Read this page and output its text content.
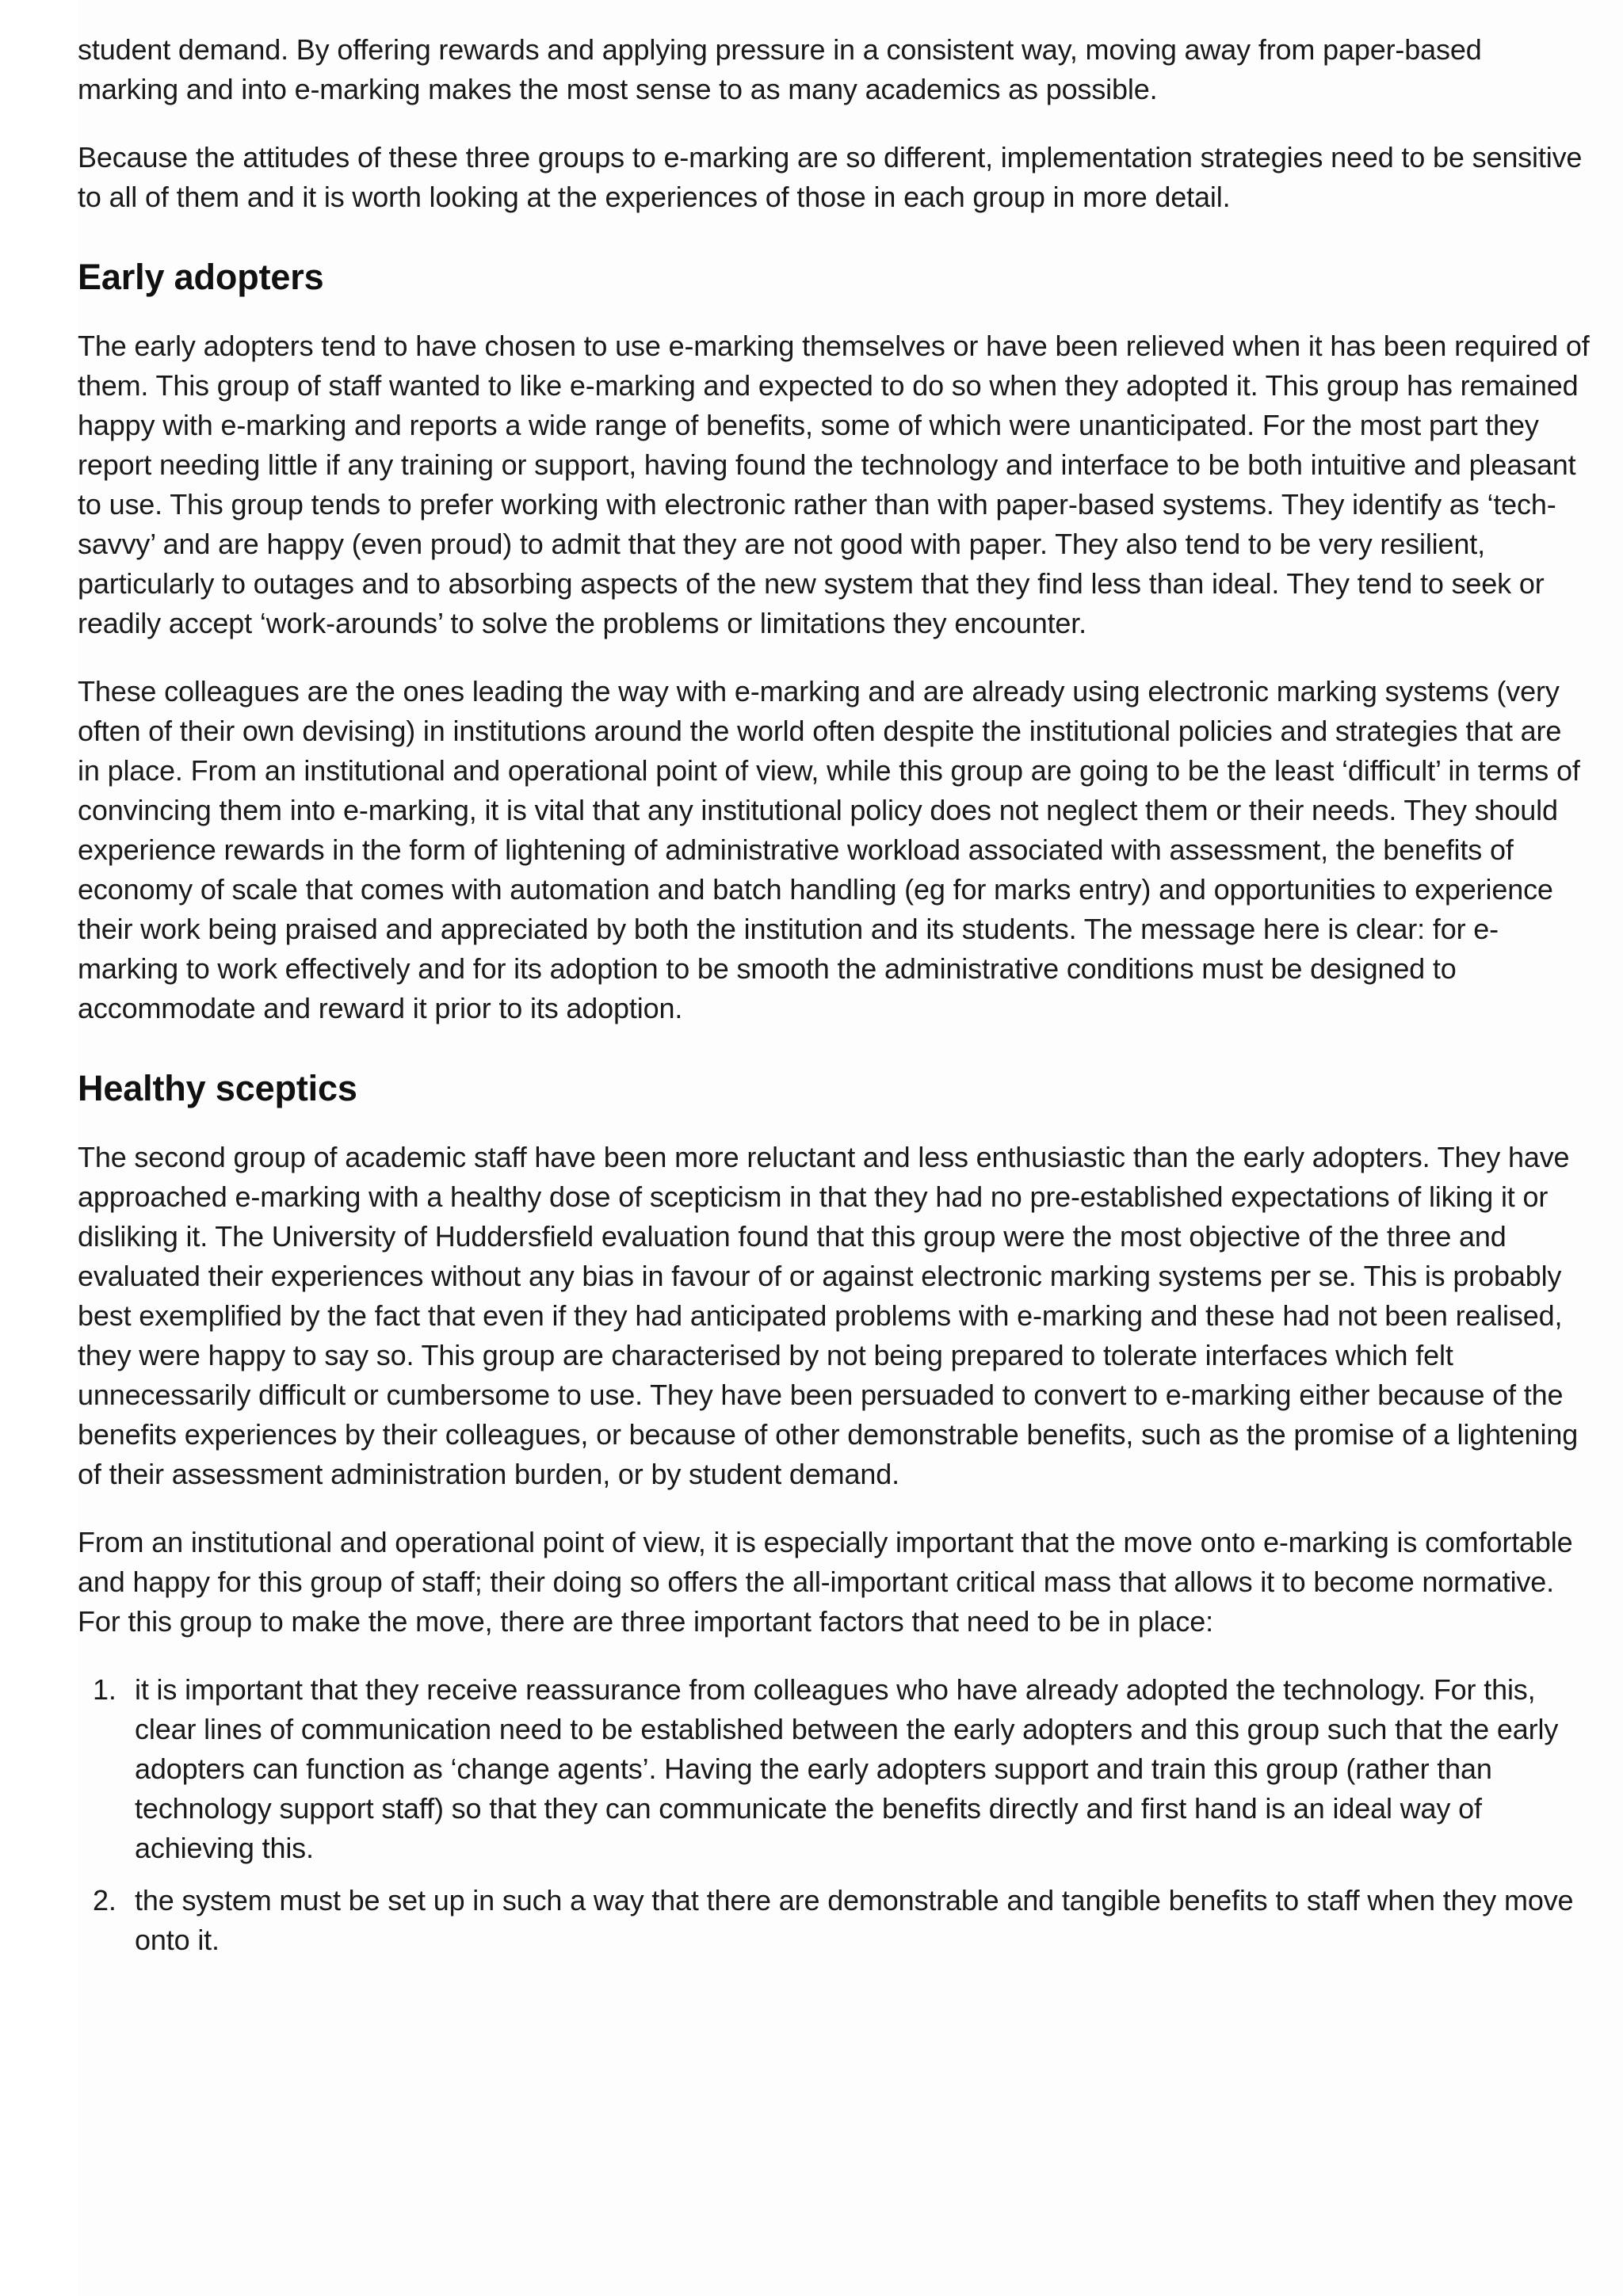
student demand. By offering rewards and applying pressure in a consistent way, moving away from paper-based marking and into e-marking makes the most sense to as many academics as possible.

Because the attitudes of these three groups to e-marking are so different, implementation strategies need to be sensitive to all of them and it is worth looking at the experiences of those in each group in more detail.

Early adopters

The early adopters tend to have chosen to use e-marking themselves or have been relieved when it has been required of them. This group of staff wanted to like e-marking and expected to do so when they adopted it. This group has remained happy with e-marking and reports a wide range of benefits, some of which were unanticipated. For the most part they report needing little if any training or support, having found the technology and interface to be both intuitive and pleasant to use. This group tends to prefer working with electronic rather than with paper-based systems. They identify as ‘tech-savvy’ and are happy (even proud) to admit that they are not good with paper. They also tend to be very resilient, particularly to outages and to absorbing aspects of the new system that they find less than ideal. They tend to seek or readily accept ‘work-arounds’ to solve the problems or limitations they encounter.

These colleagues are the ones leading the way with e-marking and are already using electronic marking systems (very often of their own devising) in institutions around the world often despite the institutional policies and strategies that are in place. From an institutional and operational point of view, while this group are going to be the least ‘difficult’ in terms of convincing them into e-marking, it is vital that any institutional policy does not neglect them or their needs. They should experience rewards in the form of lightening of administrative workload associated with assessment, the benefits of economy of scale that comes with automation and batch handling (eg for marks entry) and opportunities to experience their work being praised and appreciated by both the institution and its students. The message here is clear: for e-marking to work effectively and for its adoption to be smooth the administrative conditions must be designed to accommodate and reward it prior to its adoption.

Healthy sceptics

The second group of academic staff have been more reluctant and less enthusiastic than the early adopters. They have approached e-marking with a healthy dose of scepticism in that they had no pre-established expectations of liking it or disliking it. The University of Huddersfield evaluation found that this group were the most objective of the three and evaluated their experiences without any bias in favour of or against electronic marking systems per se. This is probably best exemplified by the fact that even if they had anticipated problems with e-marking and these had not been realised, they were happy to say so. This group are characterised by not being prepared to tolerate interfaces which felt unnecessarily difficult or cumbersome to use. They have been persuaded to convert to e-marking either because of the benefits experiences by their colleagues, or because of other demonstrable benefits, such as the promise of a lightening of their assessment administration burden, or by student demand.

From an institutional and operational point of view, it is especially important that the move onto e-marking is comfortable and happy for this group of staff; their doing so offers the all-important critical mass that allows it to become normative. For this group to make the move, there are three important factors that need to be in place:

1. it is important that they receive reassurance from colleagues who have already adopted the technology. For this, clear lines of communication need to be established between the early adopters and this group such that the early adopters can function as ‘change agents’. Having the early adopters support and train this group (rather than technology support staff) so that they can communicate the benefits directly and first hand is an ideal way of achieving this.
2. the system must be set up in such a way that there are demonstrable and tangible benefits to staff when they move onto it.
